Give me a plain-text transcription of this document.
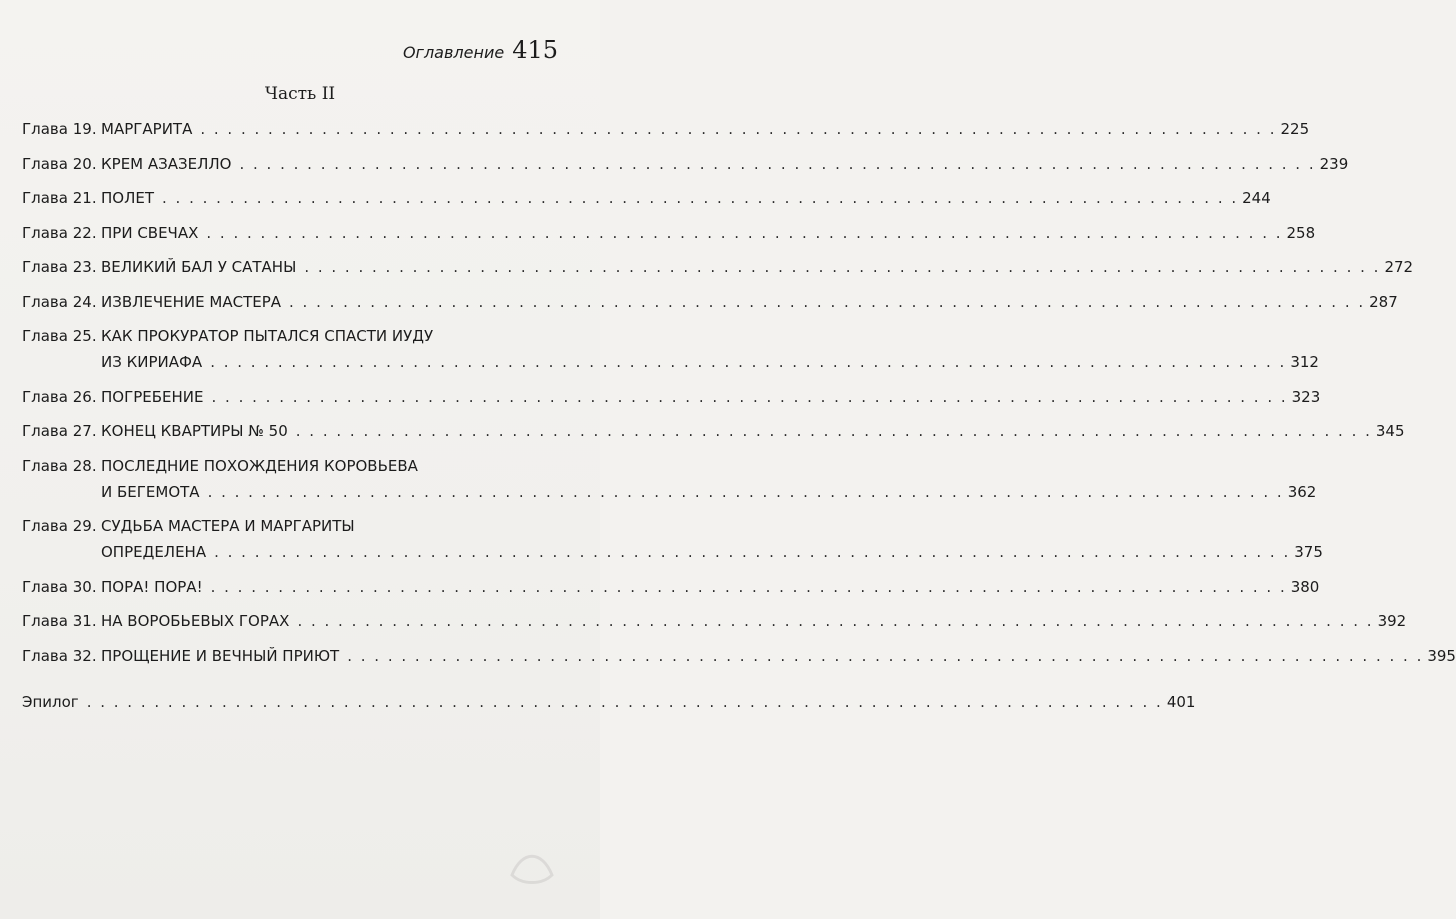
Оглавление 415
Часть II
Глава 19. МАРГАРИТА . . . . . . . . . . . . . . . . . . . . . . . . . . . . . . . . . . . . . . . . . . . . . . . . . . . . . . . . . . . . . . . . . . . . . . . . . . . . . . . . 225
Глава 20. КРЕМ АЗАЗЕЛЛО . . . . . . . . . . . . . . . . . . . . . . . . . . . . . . . . . . . . . . . . . . . . . . . . . . . . . . . . . . . . . . . . . . . . . . . . . . . . . . . . 239
Глава 21. ПОЛЕТ . . . . . . . . . . . . . . . . . . . . . . . . . . . . . . . . . . . . . . . . . . . . . . . . . . . . . . . . . . . . . . . . . . . . . . . . . . . . . . . . 244
Глава 22. ПРИ СВЕЧАХ . . . . . . . . . . . . . . . . . . . . . . . . . . . . . . . . . . . . . . . . . . . . . . . . . . . . . . . . . . . . . . . . . . . . . . . . . . . . . . . . 258
Глава 23. ВЕЛИКИЙ БАЛ У САТАНЫ . . . . . . . . . . . . . . . . . . . . . . . . . . . . . . . . . . . . . . . . . . . . . . . . . . . . . . . . . . . . . . . . . . . . . . . . . . . . . . . . 272
Глава 24. ИЗВЛЕЧЕНИЕ МАСТЕРА . . . . . . . . . . . . . . . . . . . . . . . . . . . . . . . . . . . . . . . . . . . . . . . . . . . . . . . . . . . . . . . . . . . . . . . . . . . . . . . . 287
Глава 25. КАК ПРОКУРАТОР ПЫТАЛСЯ СПАСТИ ИУДУ
ИЗ КИРИАФА . . . . . . . . . . . . . . . . . . . . . . . . . . . . . . . . . . . . . . . . . . . . . . . . . . . . . . . . . . . . . . . . . . . . . . . . . . . . . . . . 312
Глава 26. ПОГРЕБЕНИЕ . . . . . . . . . . . . . . . . . . . . . . . . . . . . . . . . . . . . . . . . . . . . . . . . . . . . . . . . . . . . . . . . . . . . . . . . . . . . . . . . 323
Глава 27. КОНЕЦ КВАРТИРЫ № 50 . . . . . . . . . . . . . . . . . . . . . . . . . . . . . . . . . . . . . . . . . . . . . . . . . . . . . . . . . . . . . . . . . . . . . . . . . . . . . . . . 345
Глава 28. ПОСЛЕДНИЕ ПОХОЖДЕНИЯ КОРОВЬЕВА
И БЕГЕМОТА . . . . . . . . . . . . . . . . . . . . . . . . . . . . . . . . . . . . . . . . . . . . . . . . . . . . . . . . . . . . . . . . . . . . . . . . . . . . . . . . 362
Глава 29. СУДЬБА МАСТЕРА И МАРГАРИТЫ
ОПРЕДЕЛЕНА . . . . . . . . . . . . . . . . . . . . . . . . . . . . . . . . . . . . . . . . . . . . . . . . . . . . . . . . . . . . . . . . . . . . . . . . . . . . . . . . 375
Глава 30. ПОРА! ПОРА! . . . . . . . . . . . . . . . . . . . . . . . . . . . . . . . . . . . . . . . . . . . . . . . . . . . . . . . . . . . . . . . . . . . . . . . . . . . . . . . . 380
Глава 31. НА ВОРОБЬЕВЫХ ГОРАХ . . . . . . . . . . . . . . . . . . . . . . . . . . . . . . . . . . . . . . . . . . . . . . . . . . . . . . . . . . . . . . . . . . . . . . . . . . . . . . . . 392
Глава 32. ПРОЩЕНИЕ И ВЕЧНЫЙ ПРИЮТ . . . . . . . . . . . . . . . . . . . . . . . . . . . . . . . . . . . . . . . . . . . . . . . . . . . . . . . . . . . . . . . . . . . . . . . . . . . . . . . . 395
Эпилог . . . . . . . . . . . . . . . . . . . . . . . . . . . . . . . . . . . . . . . . . . . . . . . . . . . . . . . . . . . . . . . . . . . . . . . . . . . . . . . . 401
